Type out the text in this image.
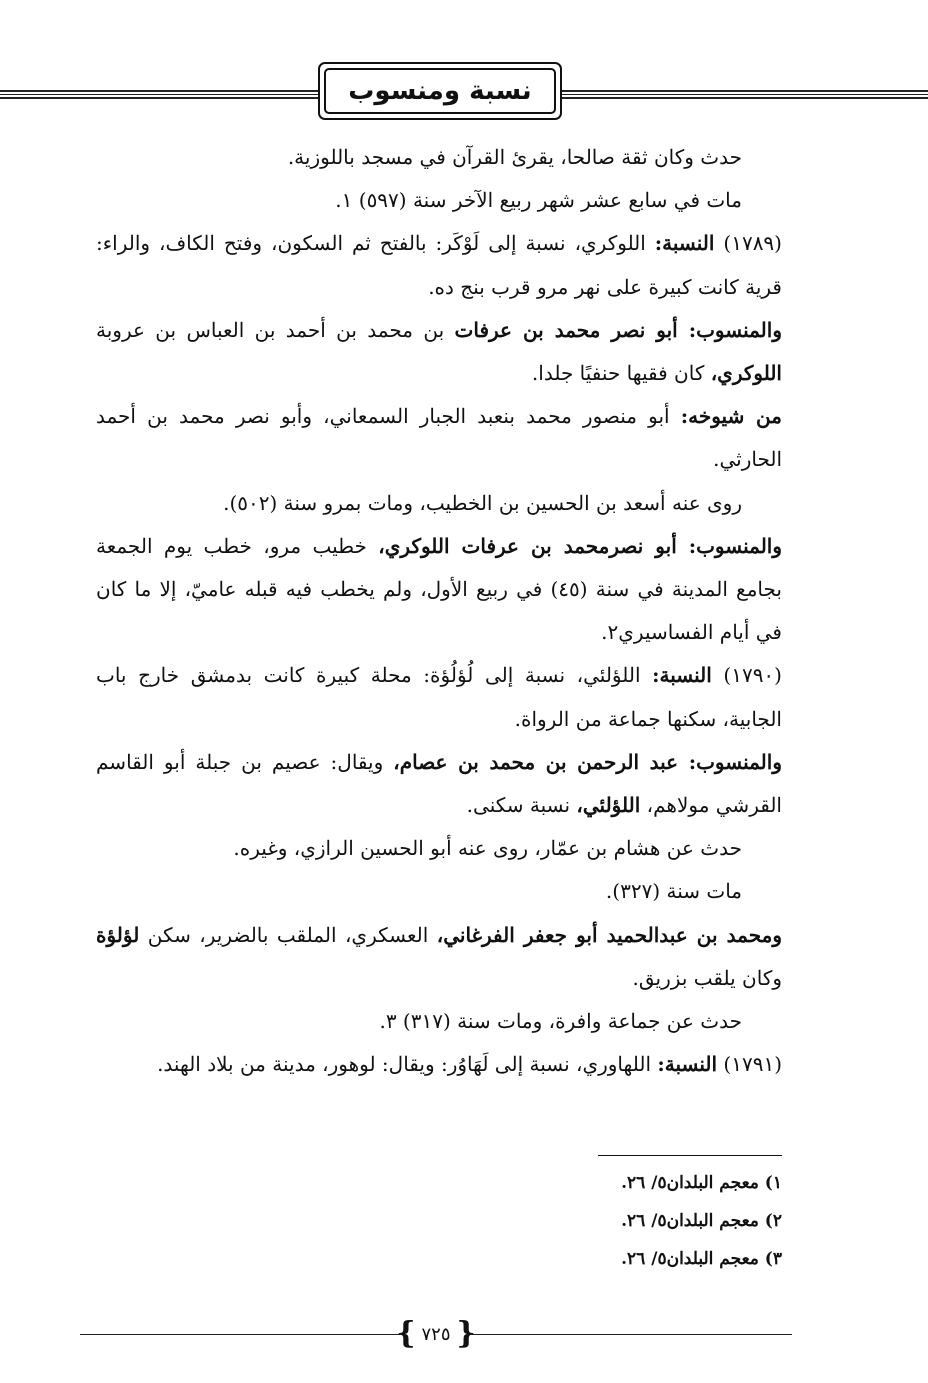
نسبة ومنسوب

حدث وكان ثقة صالحا، يقرئ القرآن في مسجد باللوزية.

مات في سابع عشر شهر ربيع الآخر سنة (٥٩٧) ١.

(١٧٨٩) النسبة: اللوكري، نسبة إلى لَوْكَر: بالفتح ثم السكون، وفتح الكاف، والراء: قرية كانت كبيرة على نهر مرو قرب بنج ده.

والمنسوب: أبو نصر محمد بن عرفات بن محمد بن أحمد بن العباس بن عروبة اللوكري، كان فقيها حنفيًا جلدا.

من شيوخه: أبو منصور محمد بنعبد الجبار السمعاني، وأبو نصر محمد بن أحمد الحارثي.

روى عنه أسعد بن الحسين بن الخطيب، ومات بمرو سنة (٥٠٢).

والمنسوب: أبو نصرمحمد بن عرفات اللوكري، خطيب مرو، خطب يوم الجمعة بجامع المدينة في سنة (٤٥) في ربيع الأول، ولم يخطب فيه قبله عاميّ، إلا ما كان في أيام الفساسيري٢.

(١٧٩٠) النسبة: اللؤلئي، نسبة إلى لُؤلُؤة: محلة كبيرة كانت بدمشق خارج باب الجابية، سكنها جماعة من الرواة.

والمنسوب: عبد الرحمن بن محمد بن عصام، ويقال: عصيم بن جبلة أبو القاسم القرشي مولاهم، اللؤلئي، نسبة سكنى.

حدث عن هشام بن عمّار، روى عنه أبو الحسين الرازي، وغيره.

مات سنة (٣٢٧).

ومحمد بن عبدالحميد أبو جعفر الفرغاني، العسكري، الملقب بالضرير، سكن لؤلؤة وكان يلقب بزريق.

حدث عن جماعة وافرة، ومات سنة (٣١٧) ٣.

(١٧٩١) النسبة: اللهاوري، نسبة إلى لَهَاوُر: ويقال: لوهور، مدينة من بلاد الهند.

١) معجم البلدان٥/ ٢٦.
٢) معجم البلدان٥/ ٢٦.
٣) معجم البلدان٥/ ٢٦.
{ ٧٢٥ }
